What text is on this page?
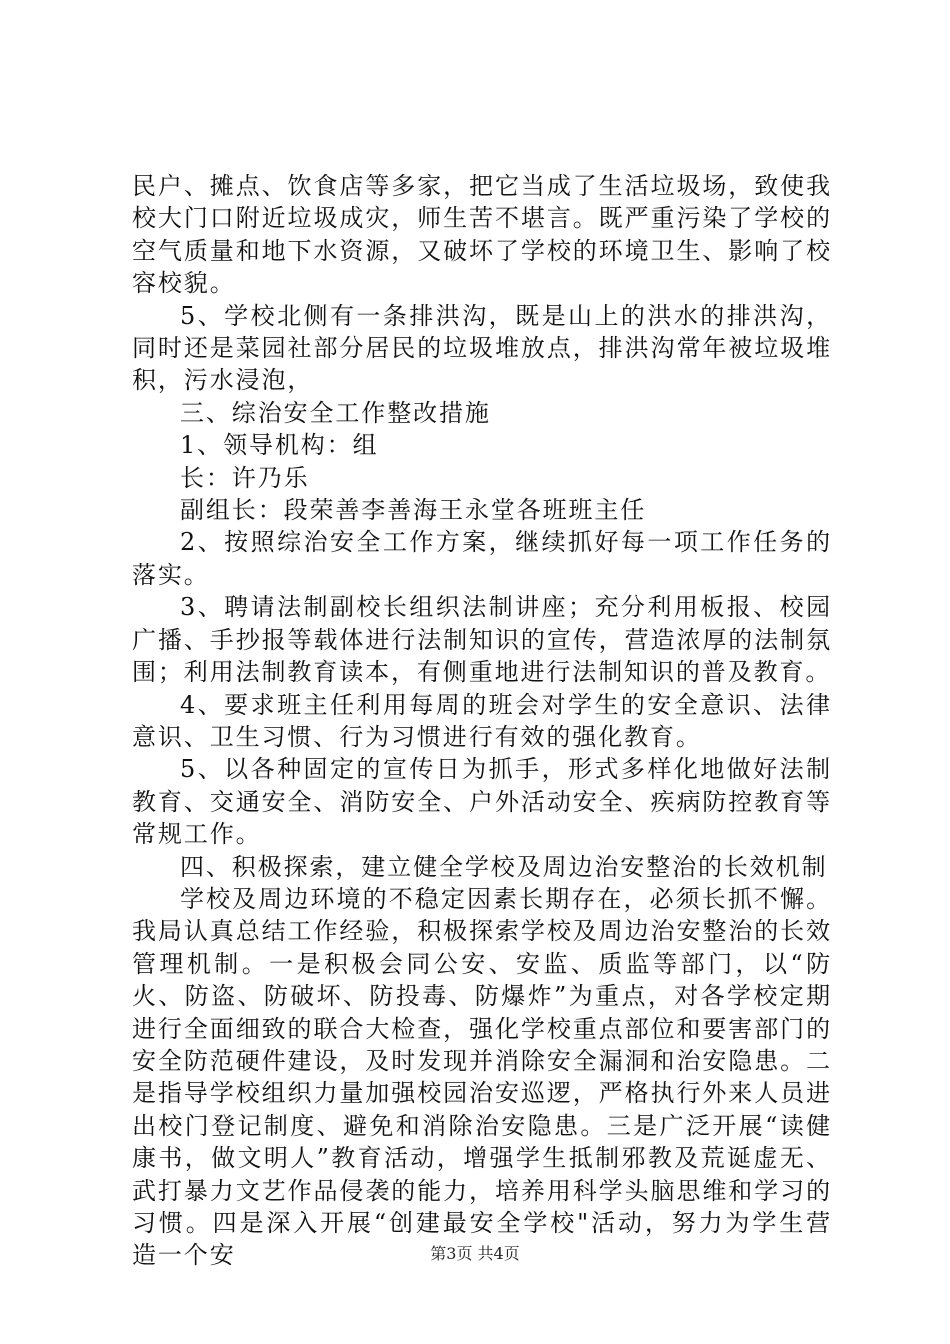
民户、摊点、饮食店等多家，把它当成了生活垃圾场，致使我校大门口附近垃圾成灾，师生苦不堪言。既严重污染了学校的空气质量和地下水资源，又破坏了学校的环境卫生、影响了校容校貌。

5、学校北侧有一条排洪沟，既是山上的洪水的排洪沟，同时还是菜园社部分居民的垃圾堆放点，排洪沟常年被垃圾堆积，污水浸泡，

三、综治安全工作整改措施

1、领导机构：组

长：许乃乐

副组长：段荣善李善海王永堂各班班主任

2、按照综治安全工作方案，继续抓好每一项工作任务的落实。

3、聘请法制副校长组织法制讲座；充分利用板报、校园广播、手抄报等载体进行法制知识的宣传，营造浓厚的法制氛围；利用法制教育读本，有侧重地进行法制知识的普及教育。

4、要求班主任利用每周的班会对学生的安全意识、法律意识、卫生习惯、行为习惯进行有效的强化教育。

5、以各种固定的宣传日为抓手，形式多样化地做好法制教育、交通安全、消防安全、户外活动安全、疾病防控教育等常规工作。

四、积极探索，建立健全学校及周边治安整治的长效机制

学校及周边环境的不稳定因素长期存在，必须长抓不懈。我局认真总结工作经验，积极探索学校及周边治安整治的长效管理机制。一是积极会同公安、安监、质监等部门，以“防火、防盗、防破坏、防投毒、防爆炸”为重点，对各学校定期进行全面细致的联合大检查，强化学校重点部位和要害部门的安全防范硬件建设，及时发现并消除安全漏洞和治安隐患。二是指导学校组织力量加强校园治安巡逻，严格执行外来人员进出校门登记制度、避免和消除治安隐患。三是广泛开展“读健康书，做文明人”教育活动，增强学生抵制邪教及荒诞虚无、武打暴力文艺作品侵袭的能力，培养用科学头脑思维和学习的习惯。四是深入开展“创建最安全学校"活动，努力为学生营造一个安	第3页 共4页
